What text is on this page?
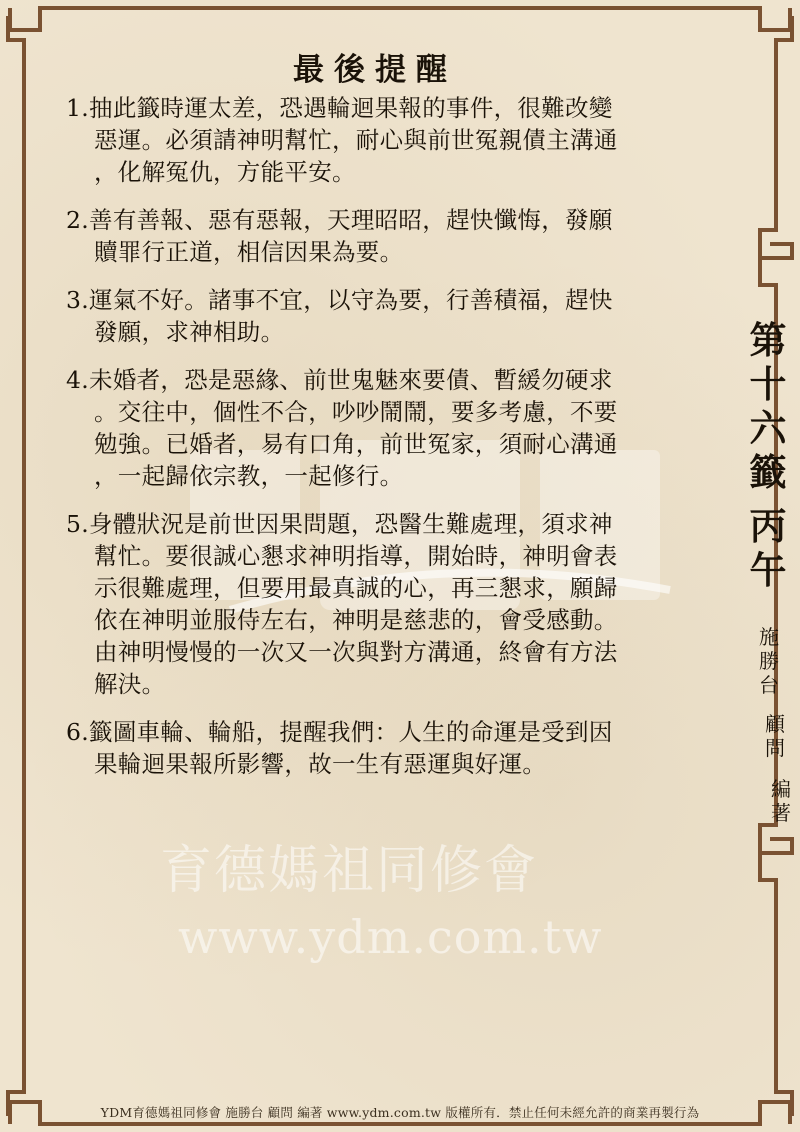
最後提醒
1.抽此籤時運太差，恐遇輪迴果報的事件，很難改變
惡運。必須請神明幫忙，耐心與前世冤親債主溝通
，化解冤仇，方能平安。
2.善有善報、惡有惡報，天理昭昭，趕快懺悔，發願
贖罪行正道，相信因果為要。
3.運氣不好。諸事不宜，以守為要，行善積福，趕快
發願，求神相助。
4.未婚者，恐是惡緣、前世鬼魅來要債、暫緩勿硬求
。交往中，個性不合，吵吵鬧鬧，要多考慮，不要
勉強。已婚者，易有口角，前世冤家，須耐心溝通
，一起歸依宗教，一起修行。
5.身體狀況是前世因果問題，恐醫生難處理，須求神
幫忙。要很誠心懇求神明指導，開始時，神明會表
示很難處理，但要用最真誠的心，再三懇求，願歸
依在神明並服侍左右，神明是慈悲的，會受感動。
由神明慢慢的一次又一次與對方溝通，終會有方法
解決。
6.籤圖車輪、輪船，提醒我們：人生的命運是受到因
果輪迴果報所影響，故一生有惡運與好運。
第
十
六
籤
丙
午
施
勝
台
顧
問
編
著
育德媽祖同修會
www.ydm.com.tw
YDM育德媽祖同修會 施勝台 顧問 編著 www.ydm.com.tw 版權所有．禁止任何未經允許的商業再製行為
